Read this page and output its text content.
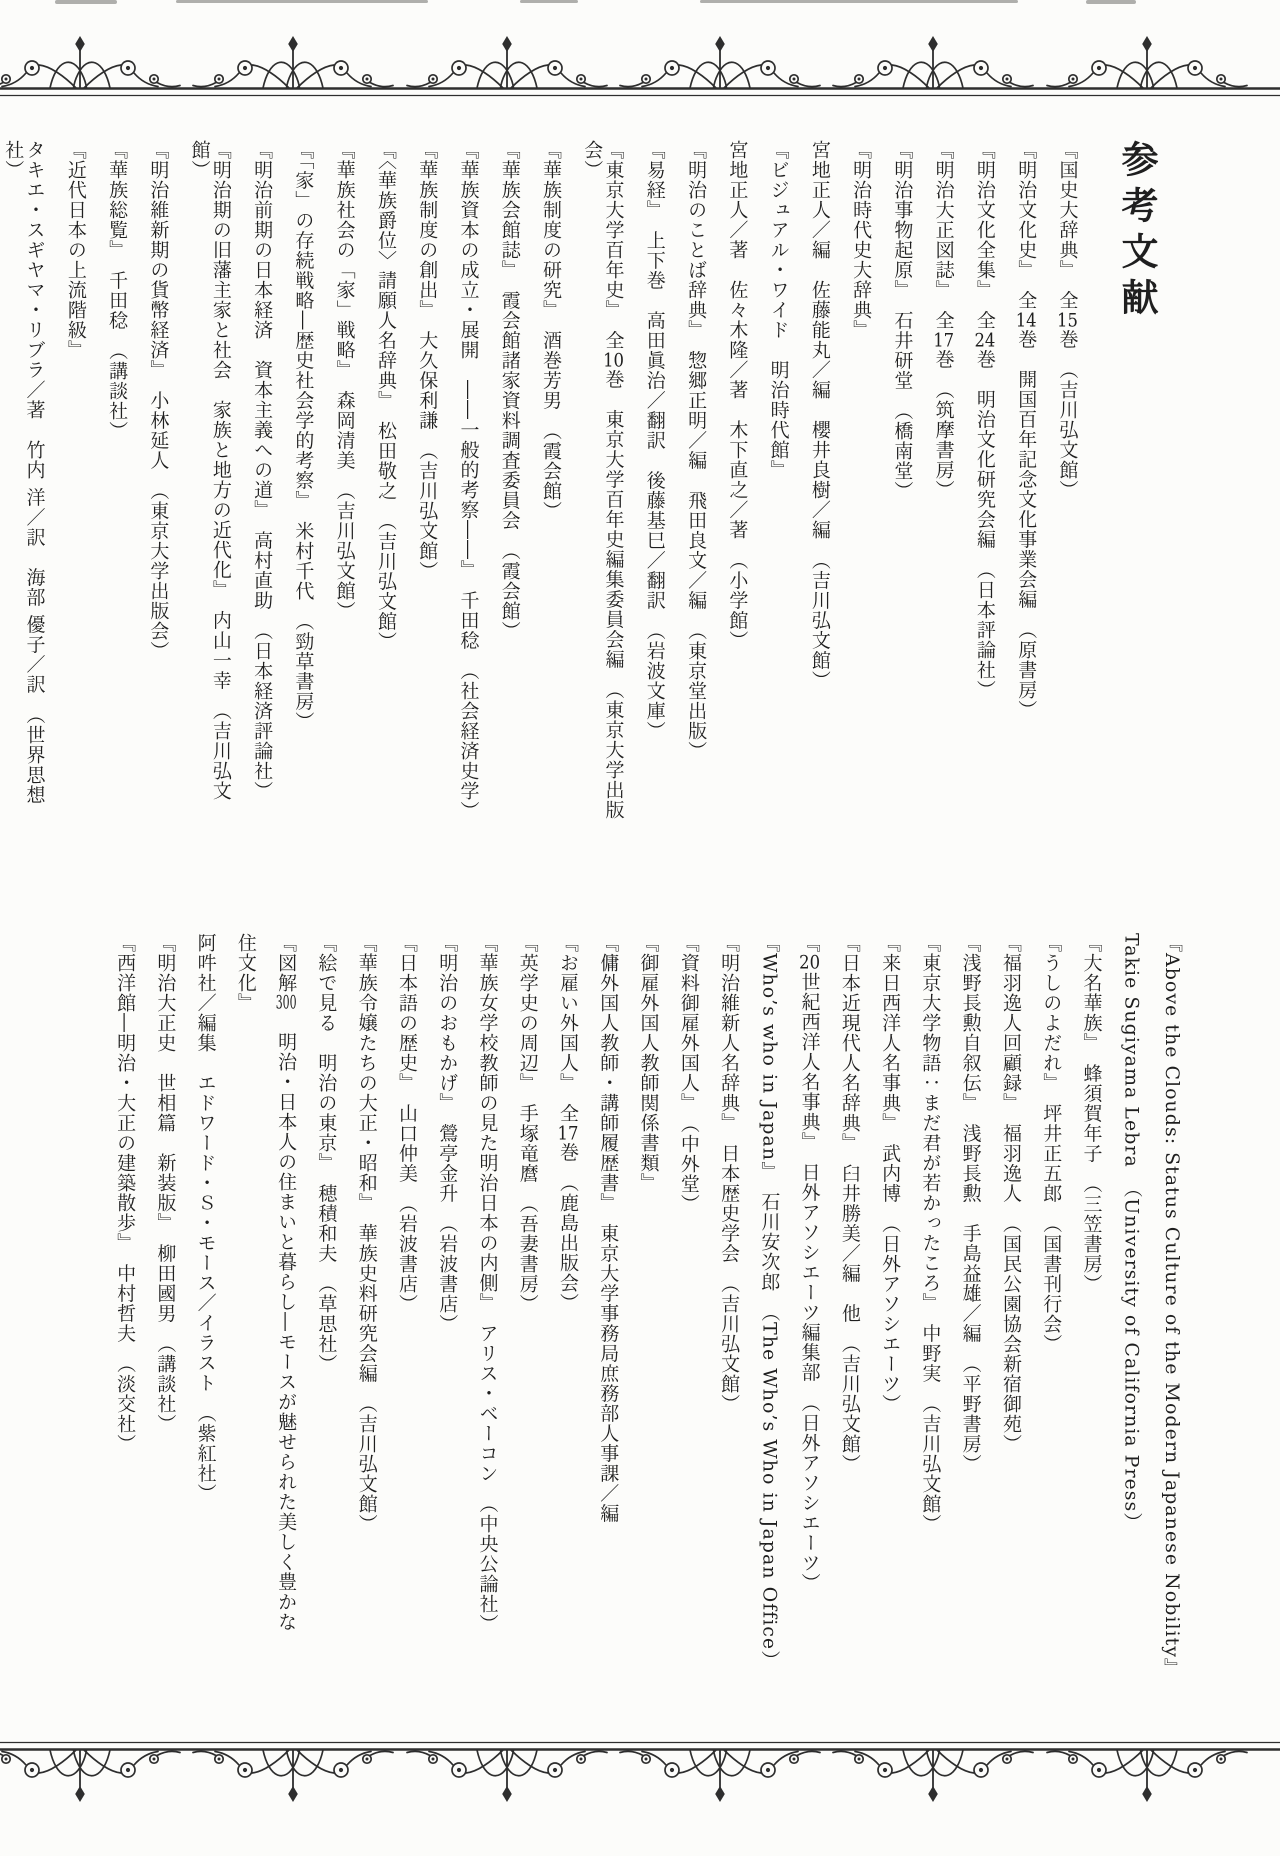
参考文献
『国史大辞典』　全15巻　（吉川弘文館）
『明治文化史』　全14巻　開国百年記念文化事業会編　（原書房）
『明治文化全集』　全24巻　明治文化研究会編　（日本評論社）
『明治大正図誌』　全17巻　（筑摩書房）
『明治事物起原』　石井研堂　（橋南堂）
『明治時代史大辞典』
宮地正人／編　佐藤能丸／編　櫻井良樹／編　（吉川弘文館）
『ビジュアル・ワイド　明治時代館』
宮地正人／著　佐々木隆／著　木下直之／著　（小学館）
『明治のことば辞典』　惣郷正明／編　飛田良文／編　（東京堂出版）
『易経』　上下巻　高田眞治／翻訳　後藤基巳／翻訳　（岩波文庫）
『東京大学百年史』　全10巻　東京大学百年史編集委員会編　（東京大学出版会）
『華族制度の研究』　酒巻芳男　（霞会館）
『華族会館誌』　霞会館諸家資料調査委員会　（霞会館）
『華族資本の成立・展開　――一般的考察――』　千田稔　（社会経済史学）
『華族制度の創出』　大久保利謙　（吉川弘文館）
『〈華族爵位〉請願人名辞典』　松田敬之　（吉川弘文館）
『華族社会の「家」戦略』　森岡清美　（吉川弘文館）
『「家」の存続戦略―歴史社会学的考察』　米村千代　（勁草書房）
『明治前期の日本経済　資本主義への道』　高村直助　（日本経済評論社）
『明治期の旧藩主家と社会　家族と地方の近代化』　内山一幸　（吉川弘文館）
『明治維新期の貨幣経済』　小林延人　（東京大学出版会）
『華族総覧』　千田稔　（講談社）
『近代日本の上流階級』
タキエ・スギヤマ・リブラ／著　竹内 洋／訳　海部 優子／訳　（世界思想社）
『Above the Clouds: Status Culture of the Modern Japanese Nobility』
Takie Sugiyama Lebra　（University of California Press）
『大名華族』　蜂須賀年子　（三笠書房）
『うしのよだれ』　坪井正五郎　（国書刊行会）
『福羽逸人回顧録』　福羽逸人　（国民公園協会新宿御苑）
『浅野長勲自叙伝』　浅野長勲　手島益雄／編　（平野書房）
『東京大学物語：まだ君が若かったころ』　中野実　（吉川弘文館）
『来日西洋人名事典』　武内博　（日外アソシエーツ）
『日本近現代人名辞典』　臼井勝美／編　他　（吉川弘文館）
『20世紀西洋人名事典』　日外アソシエーツ編集部　（日外アソシエーツ）
『Who’s who in Japan』　石川安次郎　（The Who’s Who in Japan Office）
『明治維新人名辞典』　日本歴史学会　（吉川弘文館）
『資料御雇外国人』　（中外堂）
『御雇外国人教師関係書類』
『傭外国人教師・講師履歴書』　東京大学事務局庶務部人事課／編
『お雇い外国人』　全17巻　（鹿島出版会）
『英学史の周辺』　手塚竜麿　（吾妻書房）
『華族女学校教師の見た明治日本の内側』　アリス・ベーコン　（中央公論社）
『明治のおもかげ』　鶯亭金升　（岩波書店）
『日本語の歴史』　山口仲美　（岩波書店）
『華族令嬢たちの大正・昭和』　華族史料研究会編　（吉川弘文館）
『絵で見る　明治の東京』　穂積和夫　（草思社）
『図解300　明治・日本人の住まいと暮らし―モースが魅せられた美しく豊かな
住文化』
阿吽社／編集　エドワード・Ｓ・モース／イラスト　（紫紅社）
『明治大正史　世相篇　新装版』　柳田國男　（講談社）
『西洋館―明治・大正の建築散歩』　中村哲夫　（淡交社）
